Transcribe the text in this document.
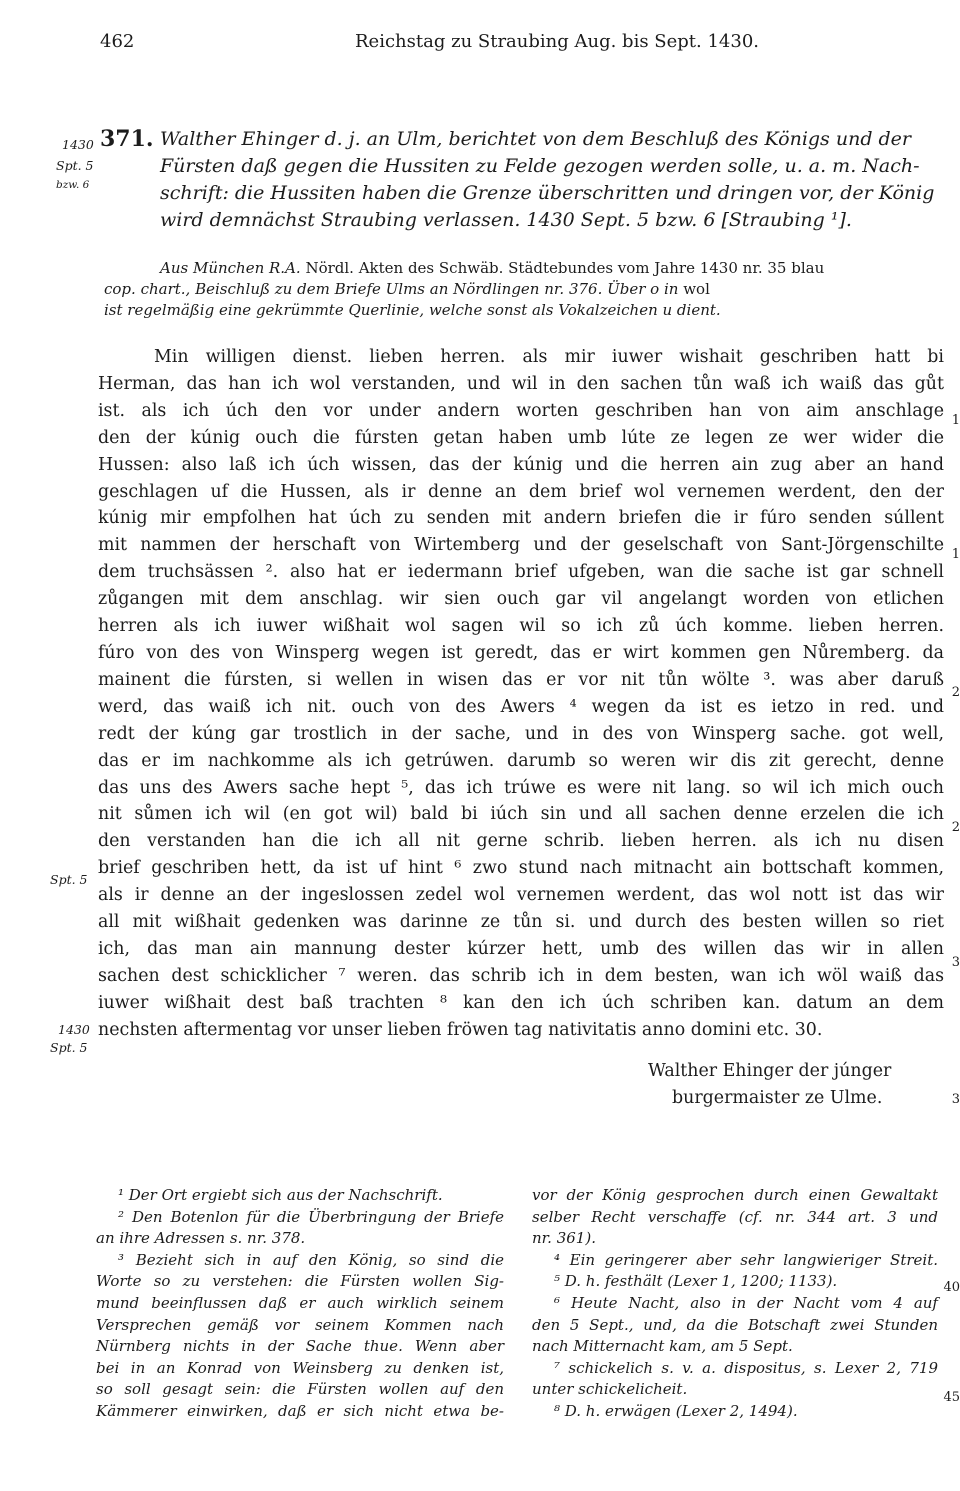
462	Reichstag zu Straubing Aug. bis Sept. 1430.
1430
Spt. 5
bzw. 6
Spt. 5
1430
Spt. 5
1
1
2
2
3
3
40
45
371. Walther Ehinger d. j. an Ulm, berichtet von dem Beschluß des Königs und der
Fürsten daß gegen die Hussiten zu Felde gezogen werden solle, u. a. m. Nach-
schrift: die Hussiten haben die Grenze überschritten und dringen vor, der König
wird demnächst Straubing verlassen. 1430 Sept. 5 bzw. 6 [Straubing ¹].
Aus München R.A. Nördl. Akten des Schwäb. Städtebundes vom Jahre 1430 nr. 35 blau
cop. chart., Beischluß zu dem Briefe Ulms an Nördlingen nr. 376. Über o in wol
ist regelmäßig eine gekrümmte Querlinie, welche sonst als Vokalzeichen u dient.
Min willigen dienst. lieben herren. als mir iuwer wishait geschriben hatt bi
Herman, das han ich wol verstanden, und wil in den sachen tůn waß ich waiß das gůt
ist. als ich úch den vor under andern worten geschriben han von aim anschlage
den der kúnig ouch die fúrsten getan haben umb lúte ze legen ze wer wider die
Hussen: also laß ich úch wissen, das der kúnig und die herren ain zug aber an hand
geschlagen uf die Hussen, als ir denne an dem brief wol vernemen werdent, den der
kúnig mir empfolhen hat úch zu senden mit andern briefen die ir fúro senden súllent
mit nammen der herschaft von Wirtemberg und der geselschaft von Sant-Jörgenschilte
dem truchsässen ². also hat er iedermann brief ufgeben, wan die sache ist gar schnell
zůgangen mit dem anschlag. wir sien ouch gar vil angelangt worden von etlichen
herren als ich iuwer wißhait wol sagen wil so ich zů úch komme. lieben herren.
fúro von des von Winsperg wegen ist geredt, das er wirt kommen gen Nůremberg. da
mainent die fúrsten, si wellen in wisen das er vor nit tůn wölte ³. was aber daruß
werd, das waiß ich nit. ouch von des Awers ⁴ wegen da ist es ietzo in red. und
redt der kúng gar trostlich in der sache, und in des von Winsperg sache. got well,
das er im nachkomme als ich getrúwen. darumb so weren wir dis zit gerecht, denne
das uns des Awers sache hept ⁵, das ich trúwe es were nit lang. so wil ich mich ouch
nit sůmen ich wil (en got wil) bald bi iúch sin und all sachen denne erzelen die ich
den verstanden han die ich all nit gerne schrib. lieben herren. als ich nu disen
brief geschriben hett, da ist uf hint ⁶ zwo stund nach mitnacht ain bottschaft kommen,
als ir denne an der ingeslossen zedel wol vernemen werdent, das wol nott ist das wir
all mit wißhait gedenken was darinne ze tůn si. und durch des besten willen so riet
ich, das man ain mannung dester kúrzer hett, umb des willen das wir in allen
sachen dest schicklicher ⁷ weren. das schrib ich in dem besten, wan ich wöl waiß das
iuwer wißhait dest baß trachten ⁸ kan den ich úch schriben kan. datum an dem
nechsten aftermentag vor unser lieben fröwen tag nativitatis anno domini etc. 30.
Walther Ehinger der júnger
burgermaister ze Ulme.
¹ Der Ort ergiebt sich aus der Nachschrift.
² Den Botenlon für die Überbringung der Briefe
an ihre Adressen s. nr. 378.
³ Bezieht sich in auf den König, so sind die
Worte so zu verstehen: die Fürsten wollen Sig-
mund beeinflussen daß er auch wirklich seinem
Versprechen gemäß vor seinem Kommen nach
Nürnberg nichts in der Sache thue. Wenn aber
bei in an Konrad von Weinsberg zu denken ist,
so soll gesagt sein: die Fürsten wollen auf den
Kämmerer einwirken, daß er sich nicht etwa be-
vor der König gesprochen durch einen Gewaltakt
selber Recht verschaffe (cf. nr. 344 art. 3 und
nr. 361).
⁴ Ein geringerer aber sehr langwieriger Streit.
⁵ D. h. festhält (Lexer 1, 1200; 1133).
⁶ Heute Nacht, also in der Nacht vom 4 auf
den 5 Sept., und, da die Botschaft zwei Stunden
nach Mitternacht kam, am 5 Sept.
⁷ schickelich s. v. a. dispositus, s. Lexer 2, 719
unter schickelicheit.
⁸ D. h. erwägen (Lexer 2, 1494).
